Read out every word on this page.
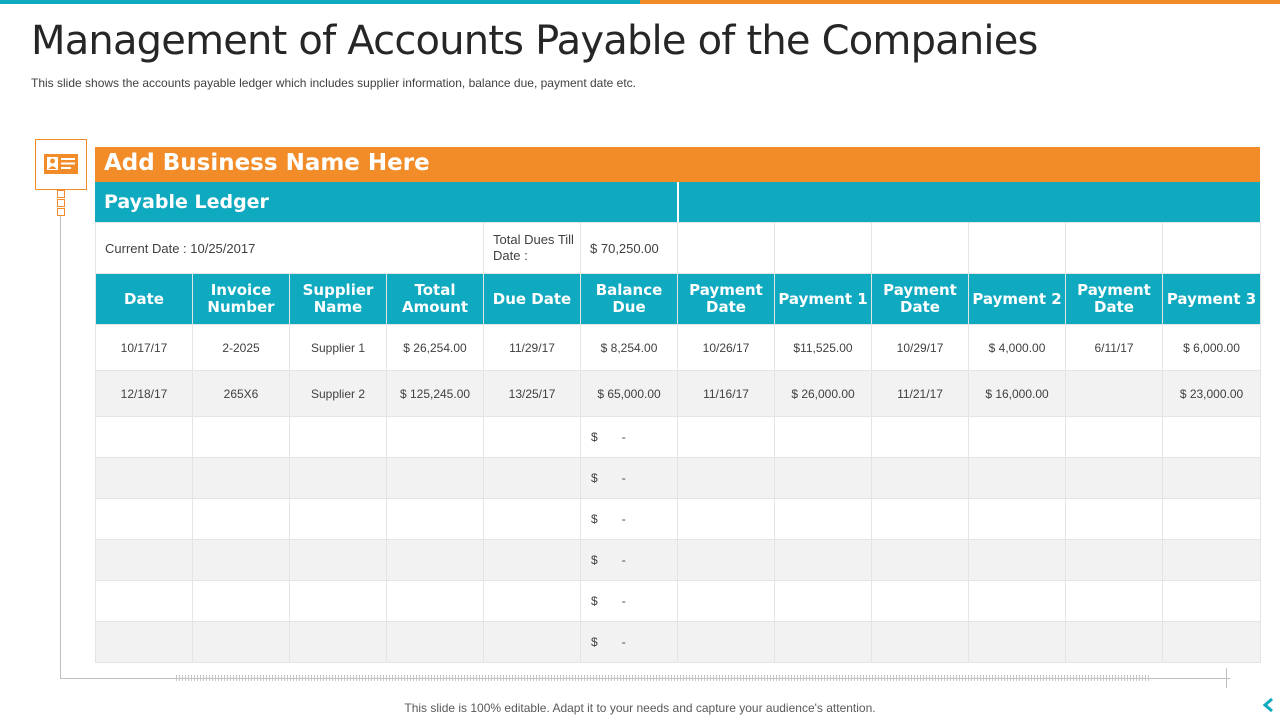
Management of Accounts Payable of the Companies
This slide shows the accounts payable ledger which includes supplier information, balance due, payment date etc.
Add Business Name Here
Payable Ledger
Current Date : 10/25/2017				Total Dues Till Date :	$ 70,250.00						
Date	Invoice Number	Supplier Name	Total Amount	Due Date	Balance Due	Payment Date	Payment 1	Payment Date	Payment 2	Payment Date	Payment 3
10/17/17	2-2025	Supplier 1	$ 26,254.00	11/29/17	$ 8,254.00	10/26/17	$11,525.00	10/29/17	$ 4,000.00	6/11/17	$ 6,000.00
12/18/17	265X6	Supplier 2	$ 125,245.00	13/25/17	$ 65,000.00	11/16/17	$ 26,000.00	11/21/17	$ 16,000.00		$ 23,000.00
					$ -						
					$ -						
					$ -						
					$ -						
					$ -						
					$ -						
This slide is 100% editable. Adapt it to your needs and capture your audience's attention.
